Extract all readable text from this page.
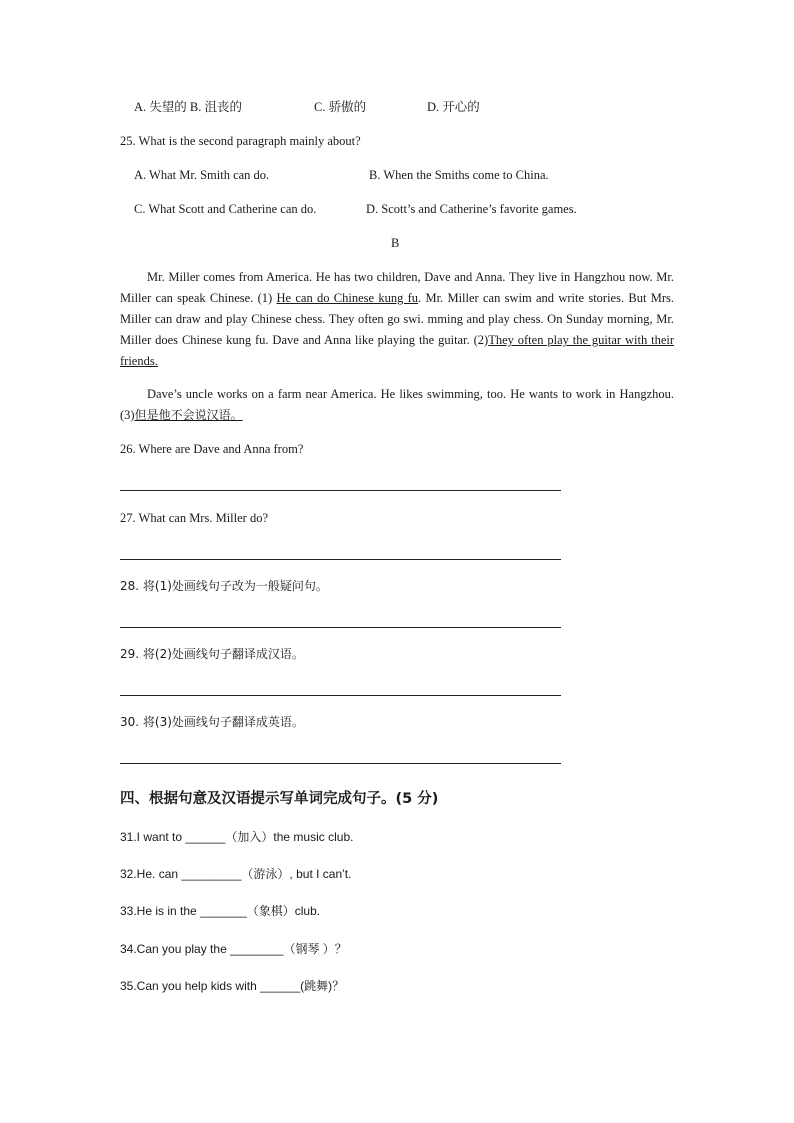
A. 失望的 B. 沮丧的	C. 骄傲的	D. 开心的
25. What is the second paragraph mainly about?
A. What Mr. Smith can do.	B. When the Smiths come to China.
C. What Scott and Catherine can do.	D. Scott’s and Catherine’s favorite games.
B

Mr. Miller comes from America. He has two children, Dave and Anna. They live in Hangzhou now. Mr. Miller can speak Chinese. (1) He can do Chinese kung fu. Mr. Miller can swim and write stories. But Mrs. Miller can draw and play Chinese chess. They often go swi. mming and play chess. On Sunday morning, Mr. Miller does Chinese kung fu. Dave and Anna like playing the guitar. (2)They often play the guitar with their friends.

Dave’s uncle works on a farm near America. He likes swimming, too. He wants to work in Hangzhou. (3)但是他不会说汉语。

26. Where are Dave and Anna from?
27. What can Mrs. Miller do?
28. 将(1)处画线句子改为一般疑问句。
29. 将(2)处画线句子翻译成汉语。
30. 将(3)处画线句子翻译成英语。
四、根据句意及汉语提示写单词完成句子。(5 分)
31.I want to ______（加入）the music club.
32.He. can _________（游泳）, but I can’t.
33.He is in the _______（象棋）club.
34.Can you play the ________（钢琴 ）？
35.Can you help kids with ______(跳舞)？
